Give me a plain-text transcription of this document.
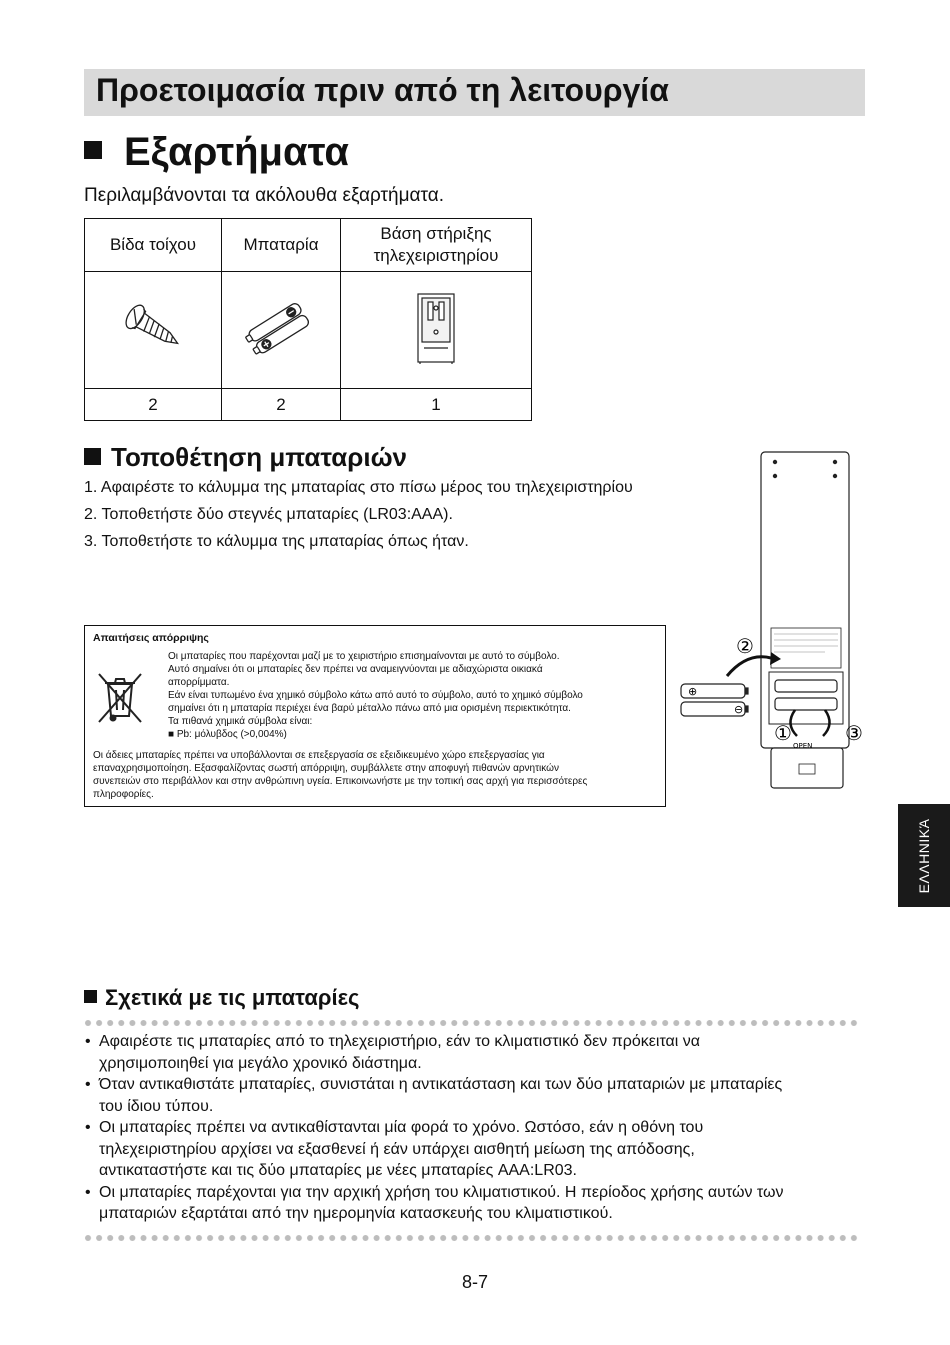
Προετοιμασία πριν από τη λειτουργία
Εξαρτήματα
Περιλαμβάνονται τα ακόλουθα εξαρτήματα.
Βίδα τοίχου	Μπαταρία	Βάση στήριξης τηλεχειριστηρίου

2	2	1
Τοποθέτηση μπαταριών
1. Αφαιρέστε το κάλυμμα της μπαταρίας στο πίσω μέρος του τηλεχειριστηρίου
2. Τοποθετήστε δύο στεγνές μπαταρίες (LR03:AAA).
3. Τοποθετήστε το κάλυμμα της μπαταρίας όπως ήταν.
Απαιτήσεις απόρριψης
Οι μπαταρίες που παρέχονται μαζί με το χειριστήριο επισημαίνονται με αυτό το σύμβολο.
Αυτό σημαίνει ότι οι μπαταρίες δεν πρέπει να αναμειγνύονται με αδιαχώριστα οικιακά
απορρίμματα.
Εάν είναι τυπωμένο ένα χημικό σύμβολο κάτω από αυτό το σύμβολο, αυτό το χημικό σύμβολο
σημαίνει ότι η μπαταρία περιέχει ένα βαρύ μέταλλο πάνω από μια ορισμένη περιεκτικότητα.
Τα πιθανά χημικά σύμβολα είναι:
■ Pb: μόλυβδος (>0,004%)
Οι άδειες μπαταρίες πρέπει να υποβάλλονται σε επεξεργασία σε εξειδικευμένο χώρο επεξεργασίας για
επαναχρησιμοποίηση. Εξασφαλίζοντας σωστή απόρριψη, συμβάλλετε στην αποφυγή πιθανών αρνητικών
συνεπειών στο περιβάλλον και στην ανθρώπινη υγεία. Επικοινωνήστε με την τοπική σας αρχή για περισσότερες
πληροφορίες.
⊕
⊖
OPEN
②
①	③
ΕΛΛΗΝΙΚΆ
Σχετικά με τις μπαταρίες
• Αφαιρέστε τις μπαταρίες από το τηλεχειριστήριο, εάν το κλιματιστικό δεν πρόκειται να
χρησιμοποιηθεί για μεγάλο χρονικό διάστημα.
• Όταν αντικαθιστάτε μπαταρίες, συνιστάται η αντικατάσταση και των δύο μπαταριών με μπαταρίες
του ίδιου τύπου.
• Οι μπαταρίες πρέπει να αντικαθίστανται μία φορά το χρόνο. Ωστόσο, εάν η οθόνη του
τηλεχειριστηρίου αρχίσει να εξασθενεί ή εάν υπάρχει αισθητή μείωση της απόδοσης,
αντικαταστήστε και τις δύο μπαταρίες με νέες μπαταρίες AAA:LR03.
• Οι μπαταρίες παρέχονται για την αρχική χρήση του κλιματιστικού. Η περίοδος χρήσης αυτών των
μπαταριών εξαρτάται από την ημερομηνία κατασκευής του κλιματιστικού.
8-7
